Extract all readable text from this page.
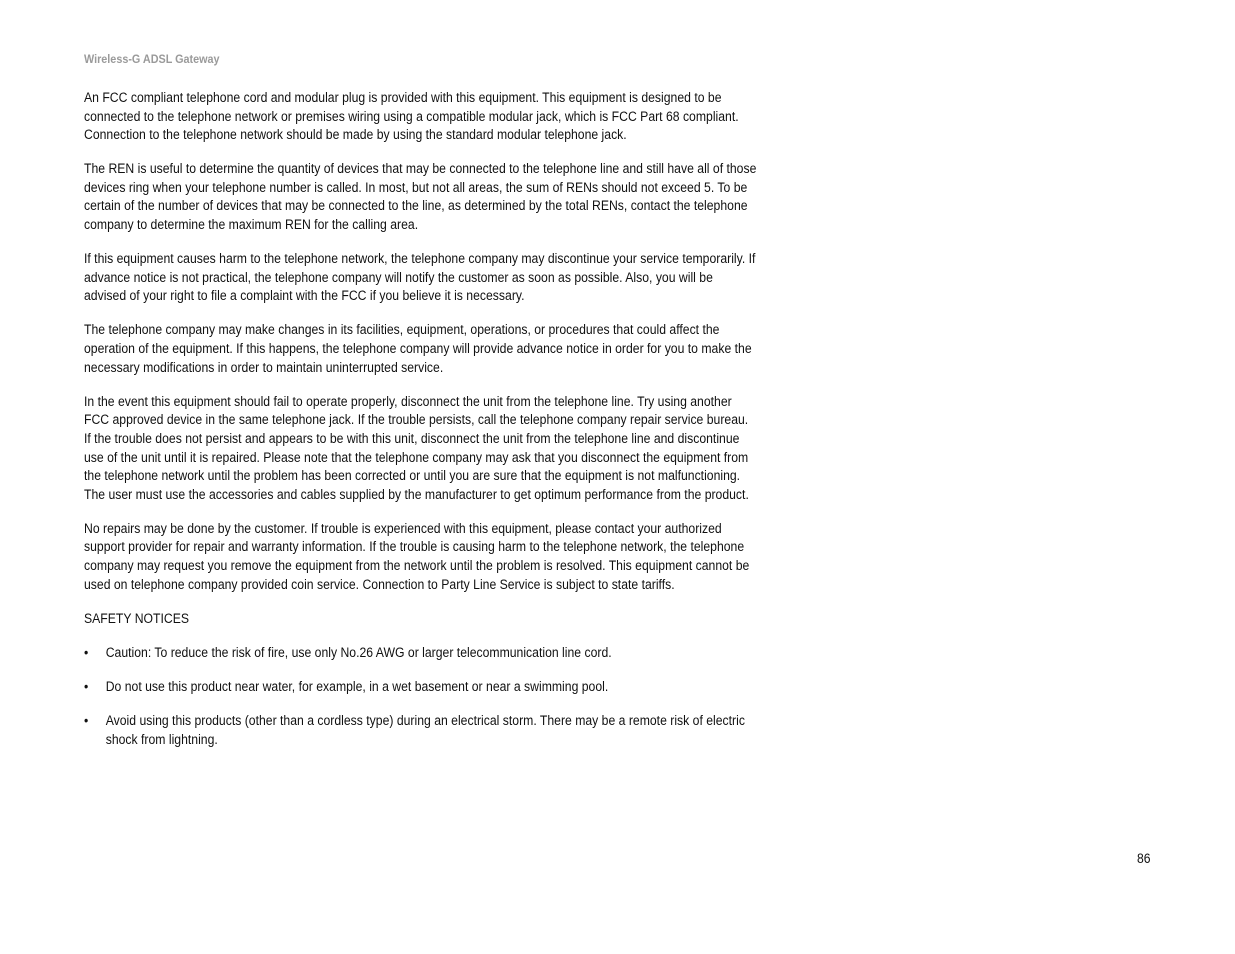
Wireless-G ADSL Gateway

An FCC compliant telephone cord and modular plug is provided with this equipment. This equipment is designed to be connected to the telephone network or premises wiring using a compatible modular jack, which is FCC Part 68 compliant. Connection to the telephone network should be made by using the standard modular telephone jack.

The REN is useful to determine the quantity of devices that may be connected to the telephone line and still have all of those devices ring when your telephone number is called. In most, but not all areas, the sum of RENs should not exceed 5. To be certain of the number of devices that may be connected to the line, as determined by the total RENs, contact the telephone company to determine the maximum REN for the calling area.

If this equipment causes harm to the telephone network, the telephone company may discontinue your service temporarily. If advance notice is not practical, the telephone company will notify the customer as soon as possible. Also, you will be advised of your right to file a complaint with the FCC if you believe it is necessary.

The telephone company may make changes in its facilities, equipment, operations, or procedures that could affect the operation of the equipment. If this happens, the telephone company will provide advance notice in order for you to make the necessary modifications in order to maintain uninterrupted service.

In the event this equipment should fail to operate properly, disconnect the unit from the telephone line. Try using another FCC approved device in the same telephone jack. If the trouble persists, call the telephone company repair service bureau. If the trouble does not persist and appears to be with this unit, disconnect the unit from the telephone line and discontinue use of the unit until it is repaired. Please note that the telephone company may ask that you disconnect the equipment from the telephone network until the problem has been corrected or until you are sure that the equipment is not malfunctioning. The user must use the accessories and cables supplied by the manufacturer to get optimum performance from the product.

No repairs may be done by the customer. If trouble is experienced with this equipment, please contact your authorized support provider for repair and warranty information. If the trouble is causing harm to the telephone network, the telephone company may request you remove the equipment from the network until the problem is resolved. This equipment cannot be used on telephone company provided coin service. Connection to Party Line Service is subject to state tariffs.

SAFETY NOTICES

• Caution: To reduce the risk of fire, use only No.26 AWG or larger telecommunication line cord.
• Do not use this product near water, for example, in a wet basement or near a swimming pool.
• Avoid using this products (other than a cordless type) during an electrical storm. There may be a remote risk of electric shock from lightning.
86
